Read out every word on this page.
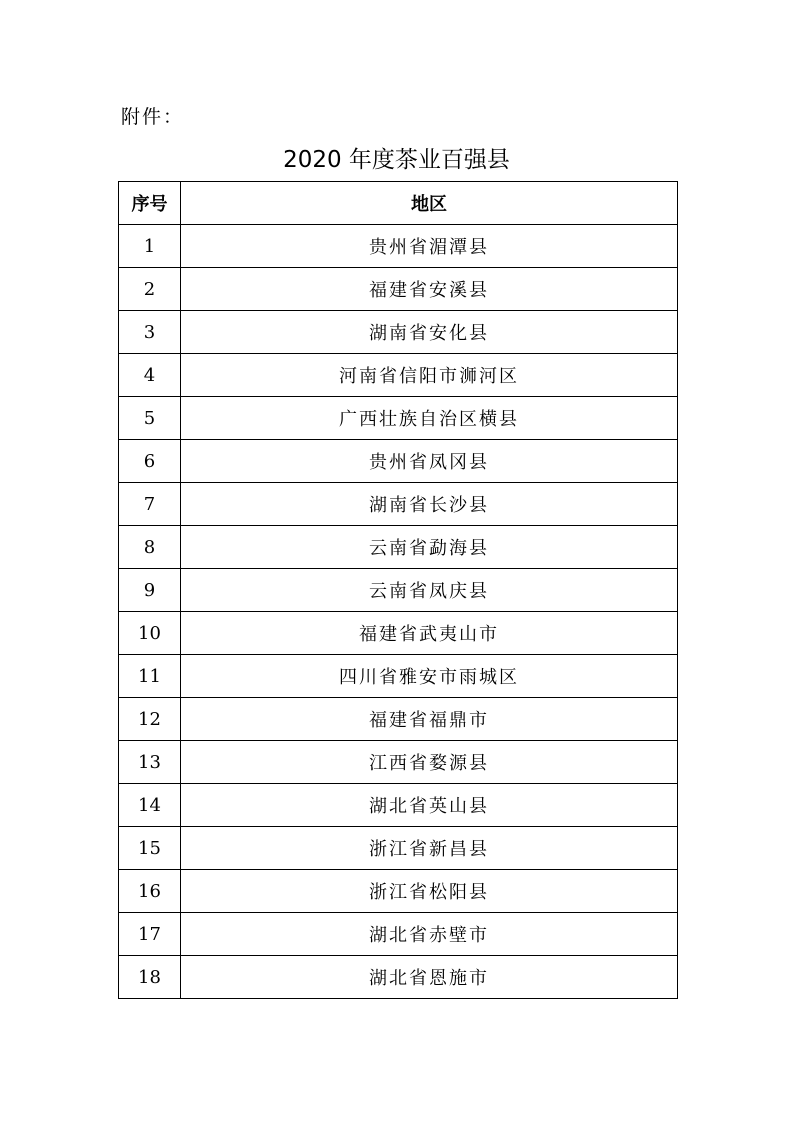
附件：
2020 年度茶业百强县
序号	地区
1	贵州省湄潭县
2	福建省安溪县
3	湖南省安化县
4	河南省信阳市浉河区
5	广西壮族自治区横县
6	贵州省凤冈县
7	湖南省长沙县
8	云南省勐海县
9	云南省凤庆县
10	福建省武夷山市
11	四川省雅安市雨城区
12	福建省福鼎市
13	江西省婺源县
14	湖北省英山县
15	浙江省新昌县
16	浙江省松阳县
17	湖北省赤壁市
18	湖北省恩施市
